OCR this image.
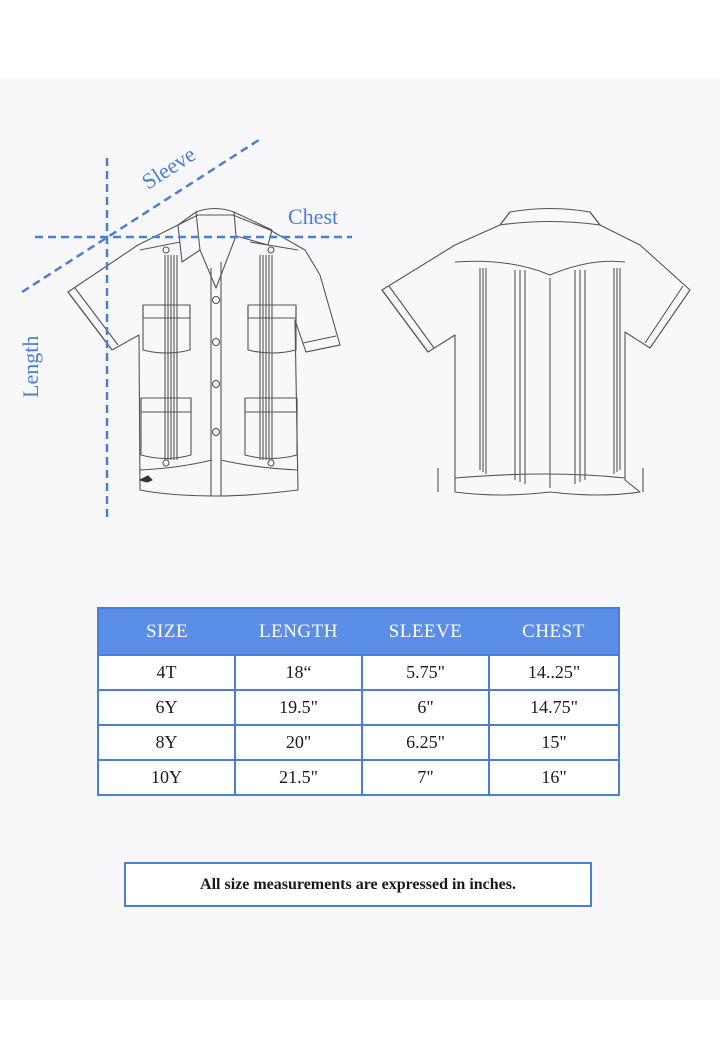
Sleeve
Chest
Length
SIZE	LENGTH	SLEEVE	CHEST
4T	18“	5.75"	14..25"
6Y	19.5"	6"	14.75"
8Y	20"	6.25"	15"
10Y	21.5"	7"	16"
All size measurements are expressed in inches.
